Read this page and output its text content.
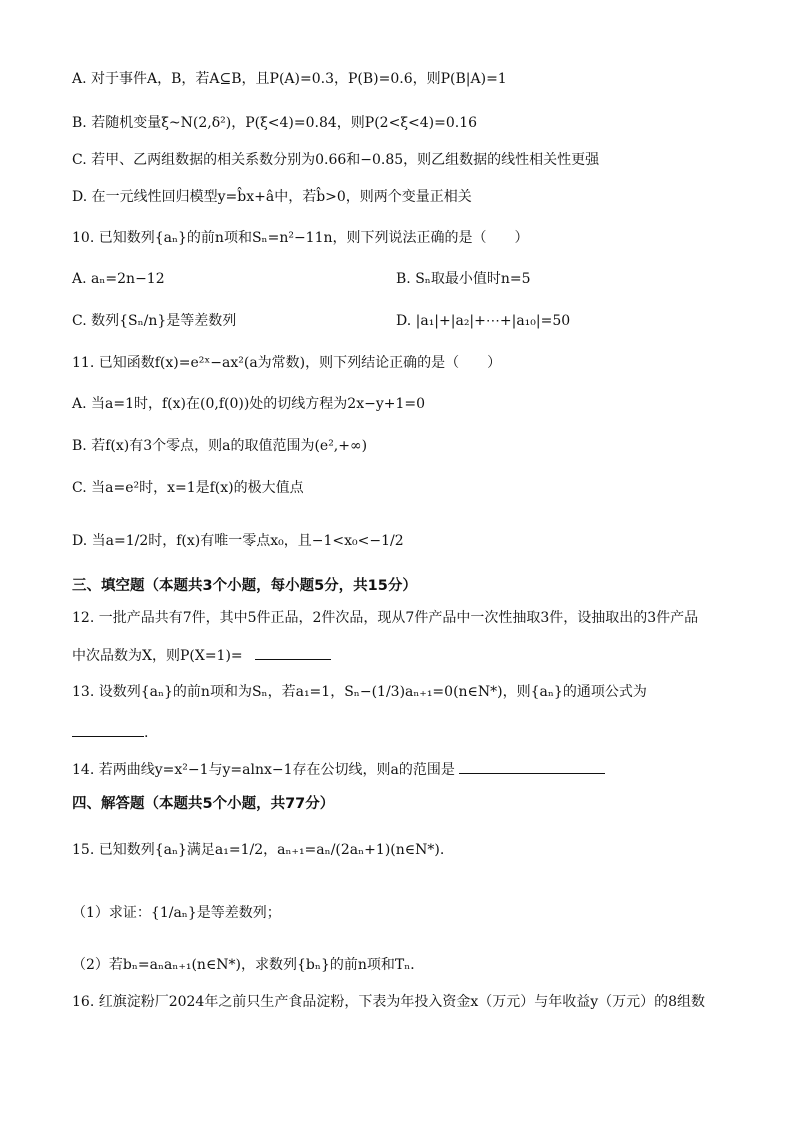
A. 对于事件A，B，若A⊆B，且P(A)=0.3，P(B)=0.6，则P(B|A)=1
B. 若随机变量ξ~N(2,δ²)，P(ξ<4)=0.84，则P(2<ξ<4)=0.16
C. 若甲、乙两组数据的相关系数分别为0.66和−0.85，则乙组数据的线性相关性更强
D. 在一元线性回归模型y=b̂x+â中，若b̂>0，则两个变量正相关
10. 已知数列{aₙ}的前n项和Sₙ=n²−11n，则下列说法正确的是（　　）
A. aₙ=2n−12	B. Sₙ取最小值时n=5
C. 数列{Sₙ/n}是等差数列	D. |a₁|+|a₂|+⋯+|a₁₀|=50
11. 已知函数f(x)=e²ˣ−ax²(a为常数)，则下列结论正确的是（　　）
A. 当a=1时，f(x)在(0,f(0))处的切线方程为2x−y+1=0
B. 若f(x)有3个零点，则a的取值范围为(e²,+∞)
C. 当a=e²时，x=1是f(x)的极大值点
D. 当a=1/2时，f(x)有唯一零点x₀，且−1<x₀<−1/2
三、填空题（本题共3个小题，每小题5分，共15分）
12. 一批产品共有7件，其中5件正品，2件次品，现从7件产品中一次性抽取3件，设抽取出的3件产品
中次品数为X，则P(X=1)=
13. 设数列{aₙ}的前n项和为Sₙ，若a₁=1，Sₙ−(1/3)aₙ₊₁=0(n∈N*)，则{aₙ}的通项公式为
.
14. 若两曲线y=x²−1与y=alnx−1存在公切线，则a的范围是
四、解答题（本题共5个小题，共77分）
15. 已知数列{aₙ}满足a₁=1/2，aₙ₊₁=aₙ/(2aₙ+1)(n∈N*).
（1）求证：{1/aₙ}是等差数列；
（2）若bₙ=aₙaₙ₊₁(n∈N*)，求数列{bₙ}的前n项和Tₙ．
16. 红旗淀粉厂2024年之前只生产食品淀粉，下表为年投入资金x（万元）与年收益y（万元）的8组数
